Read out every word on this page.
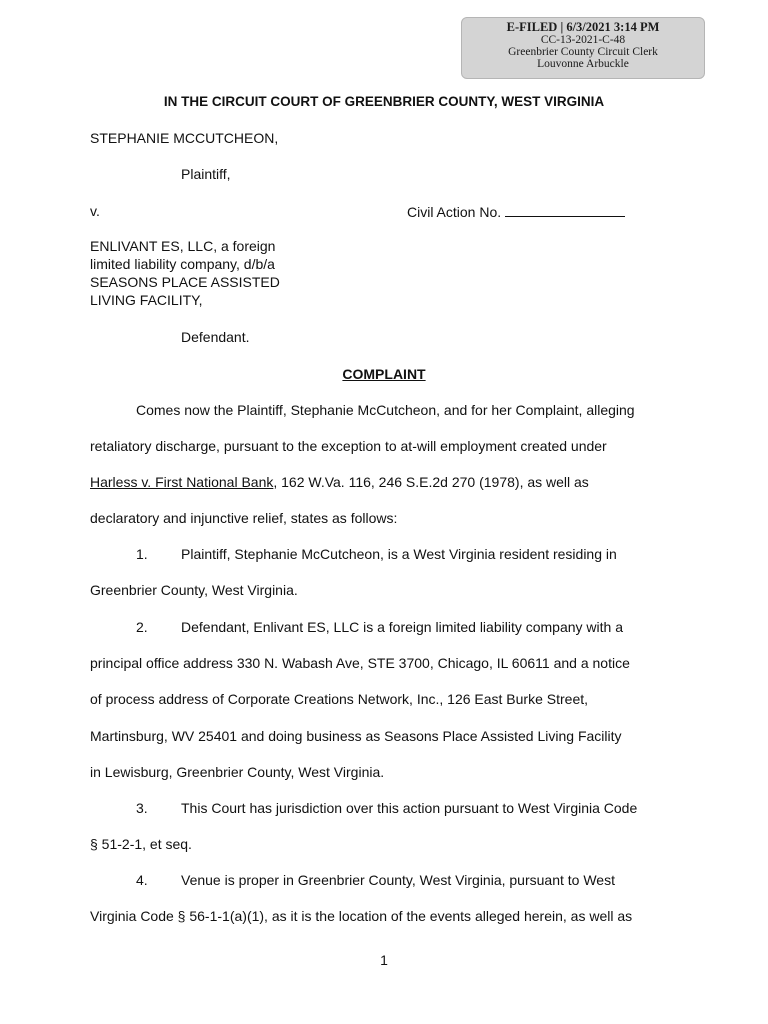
E-FILED | 6/3/2021 3:14 PM
CC-13-2021-C-48
Greenbrier County Circuit Clerk
Louvonne Arbuckle
IN THE CIRCUIT COURT OF GREENBRIER COUNTY, WEST VIRGINIA
STEPHANIE MCCUTCHEON,
Plaintiff,
v.	Civil Action No.
ENLIVANT ES, LLC, a foreign
limited liability company, d/b/a
SEASONS PLACE ASSISTED
LIVING FACILITY,
Defendant.
COMPLAINT
Comes now the Plaintiff, Stephanie McCutcheon, and for her Complaint, alleging
retaliatory discharge, pursuant to the exception to at-will employment created under
Harless v. First National Bank, 162 W.Va. 116, 246 S.E.2d 270 (1978), as well as
declaratory and injunctive relief, states as follows:
1. Plaintiff, Stephanie McCutcheon, is a West Virginia resident residing in
Greenbrier County, West Virginia.
2. Defendant, Enlivant ES, LLC is a foreign limited liability company with a
principal office address 330 N. Wabash Ave, STE 3700, Chicago, IL 60611 and a notice
of process address of Corporate Creations Network, Inc., 126 East Burke Street,
Martinsburg, WV 25401 and doing business as Seasons Place Assisted Living Facility
in Lewisburg, Greenbrier County, West Virginia.
3. This Court has jurisdiction over this action pursuant to West Virginia Code
§ 51-2-1, et seq.
4. Venue is proper in Greenbrier County, West Virginia, pursuant to West
Virginia Code § 56-1-1(a)(1), as it is the location of the events alleged herein, as well as
1
